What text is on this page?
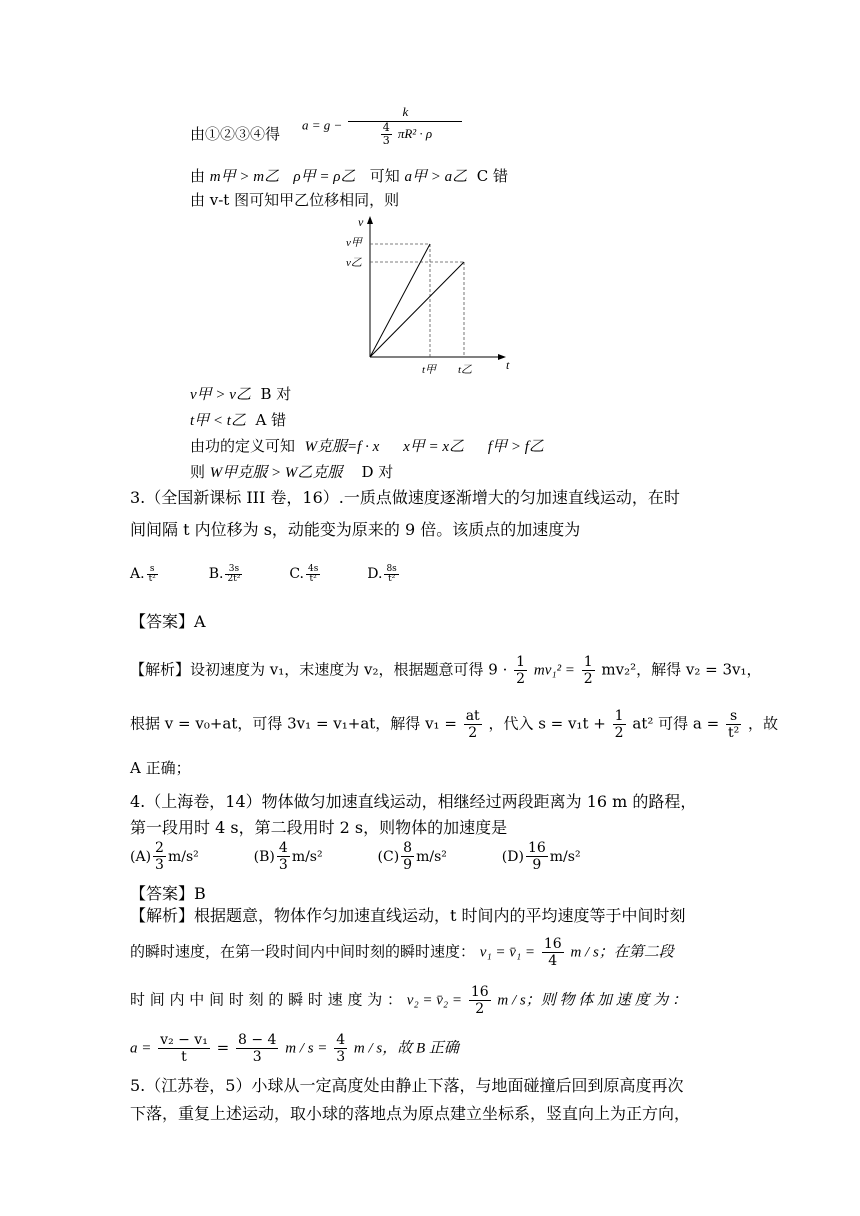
由①②③④得 $a = g - \frac{k}{\frac{4}{3} \pi R^2 \cdot \rho}$
由 m甲 > m乙 ρ甲 = ρ乙 可知 a甲 > a乙 C 错
由 v-t 图可知甲乙位移相同，则
v
v甲
v乙
t
t甲 t乙
v甲 > v乙 B 对
t甲 < t乙 A 错
由功的定义可知 W克服=f · x x甲 = x乙 f甲 > f乙
则 W甲克服 > W乙克服 D 对
3.（全国新课标 III 卷，16）.一质点做速度逐渐增大的匀加速直线运动，在时
间间隔 t 内位移为 s，动能变为原来的 9 倍。该质点的加速度为
A. $\frac{s}{\text{t²}}$	B. $\frac{3s}{\text{2t²}}$	C. $\frac{4s}{\text{t²}}$	D. $\frac{8s}{\text{t²}}$
【答案】A
【解析】设初速度为 v₁，末速度为 v₂，根据题意可得 $9 \cdot \frac{1}{2} mv_1^2 = \frac{1}{2} mv_2^2$，解得 v₂ = 3v₁，
根据 v = v₀+at，可得 3v₁ = v₁+at，解得 $v_1 = \frac{at}{2}$ ，代入 $s = v_1t + \frac{1}{2} at^2$ 可得 $a = \frac{s}{\text{t²}}$ ，故
A 正确；
4.（上海卷，14）物体做匀加速直线运动，相继经过两段距离为 16 m 的路程，
第一段用时 4 s，第二段用时 2 s，则物体的加速度是
$(A) \frac{2}{3} m/s^2$	$(B) \frac{4}{3} m/s^2$	$(C) \frac{8}{9} m/s^2$	$(D) \frac{16}{9} m/s^2$
【答案】B
【解析】根据题意，物体作匀加速直线运动，t 时间内的平均速度等于中间时刻
的瞬时速度，在第一段时间内中间时刻的瞬时速度： v₁ = v̄₁ = $\frac{16}{4}$ m / s；在第二段
时 间 内 中 间 时 刻 的 瞬 时 速 度 为 ： v₂ = v̄₂ = $\frac{16}{2}$ m / s；则 物 体 加 速 度 为 ：
$a = \frac{\text{v₂ − v₁}}{t} = \frac{8 - 4}{3}$ $m / s = \frac{4}{3}$ m / s，故 B 正确
5.（江苏卷，5）小球从一定高度处由静止下落，与地面碰撞后回到原高度再次
下落，重复上述运动，取小球的落地点为原点建立坐标系，竖直向上为正方向，
